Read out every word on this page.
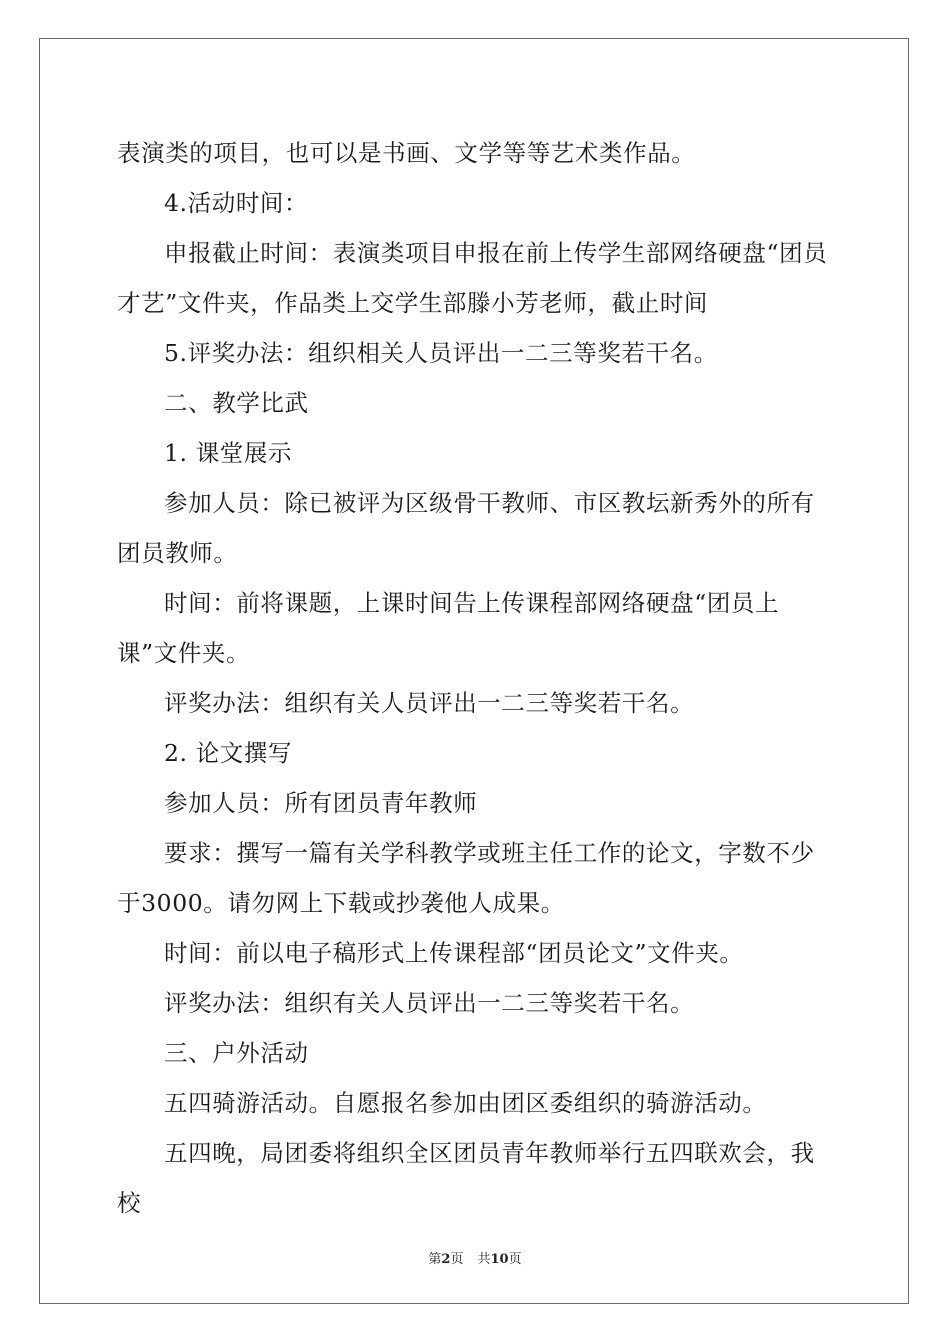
表演类的项目，也可以是书画、文学等等艺术类作品。

4.活动时间：

申报截止时间：表演类项目申报在前上传学生部网络硬盘“团员才艺”文件夹，作品类上交学生部滕小芳老师，截止时间

5.评奖办法：组织相关人员评出一二三等奖若干名。

二、教学比武

1. 课堂展示

参加人员：除已被评为区级骨干教师、市区教坛新秀外的所有团员教师。

时间：前将课题，上课时间告上传课程部网络硬盘“团员上课”文件夹。

评奖办法：组织有关人员评出一二三等奖若干名。

2. 论文撰写

参加人员：所有团员青年教师

要求：撰写一篇有关学科教学或班主任工作的论文，字数不少于3000。请勿网上下载或抄袭他人成果。

时间：前以电子稿形式上传课程部“团员论文”文件夹。

评奖办法：组织有关人员评出一二三等奖若干名。

三、户外活动

五四骑游活动。自愿报名参加由团区委组织的骑游活动。

五四晚，局团委将组织全区团员青年教师举行五四联欢会，我校

第2页 共10页
